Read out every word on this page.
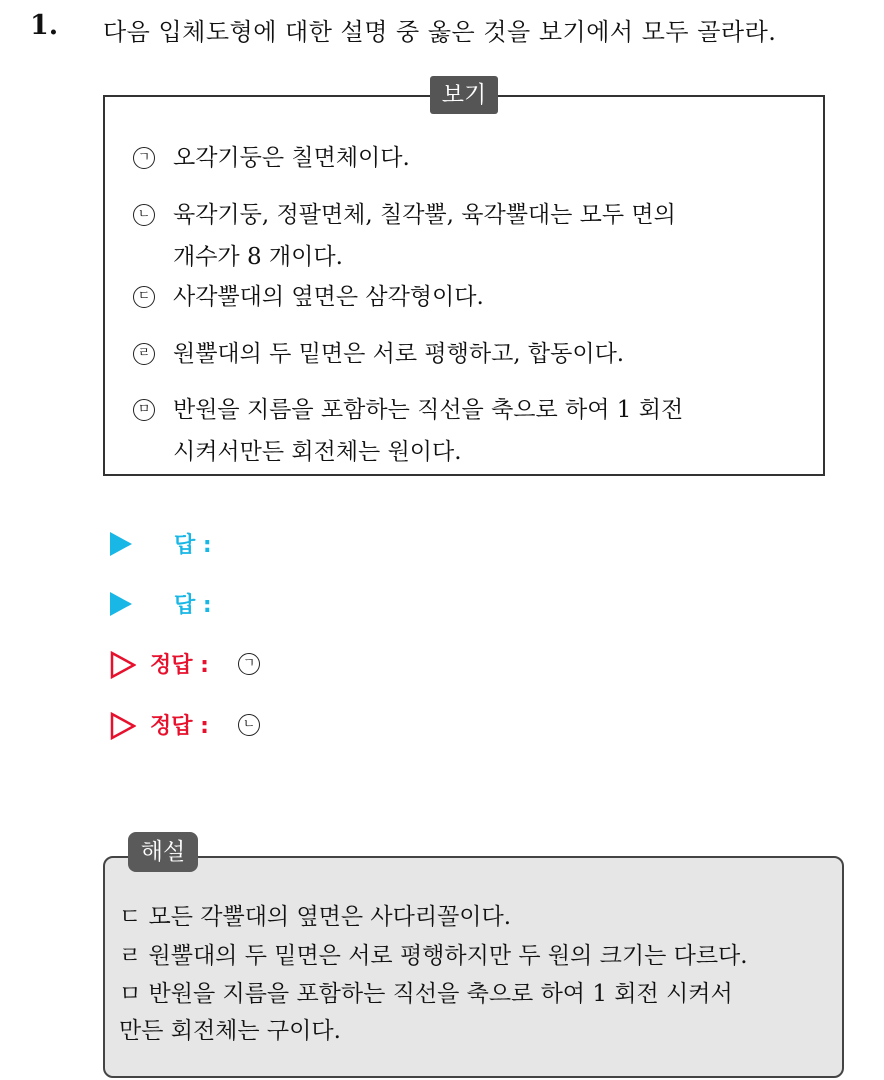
1. 다음 입체도형에 대한 설명 중 옳은 것을 보기에서 모두 골라라.
보기
ㄱ 오각기둥은 칠면체이다.
ㄴ 육각기둥, 정팔면체, 칠각뿔, 육각뿔대는 모두 면의
개수가 8 개이다.
ㄷ 사각뿔대의 옆면은 삼각형이다.
ㄹ 원뿔대의 두 밑면은 서로 평행하고, 합동이다.
ㅁ 반원을 지름을 포함하는 직선을 축으로 하여 1 회전
시켜서만든 회전체는 원이다.
답 :
답 :
정답 :	ㄱ
정답 :	ㄴ
해설
ㄷ 모든 각뿔대의 옆면은 사다리꼴이다.
ㄹ 원뿔대의 두 밑면은 서로 평행하지만 두 원의 크기는 다르다.
ㅁ 반원을 지름을 포함하는 직선을 축으로 하여 1 회전 시켜서
만든 회전체는 구이다.
